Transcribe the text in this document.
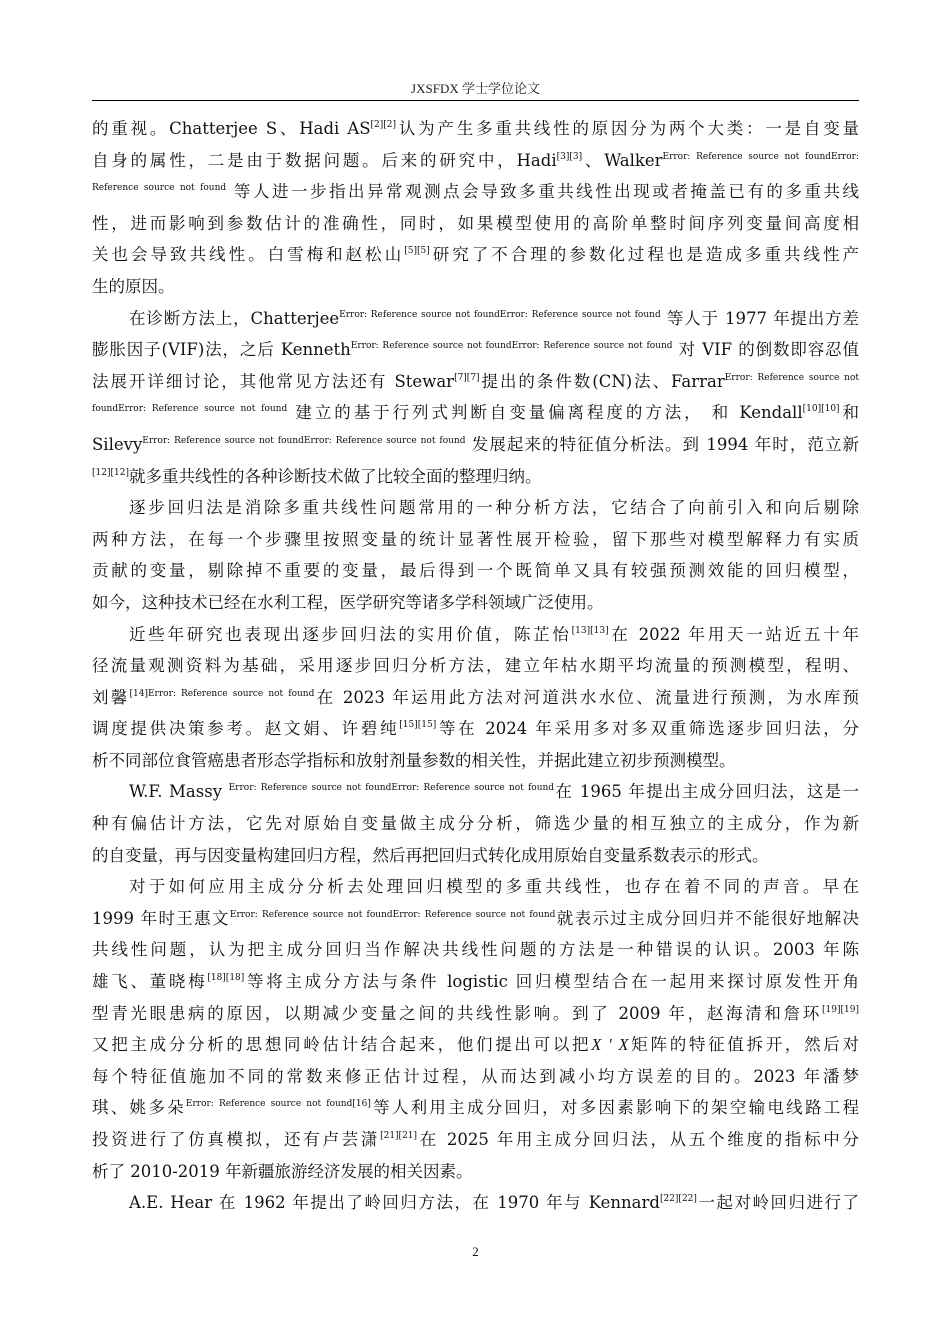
JXSFDX 学士学位论文
的重视。Chatterjee S、Hadi AS[2][2]认为产生多重共线性的原因分为两个大类：一是自变量
自身的属性，二是由于数据问题。后来的研究中，Hadi[3][3]、Walker$^{Error: Reference source not foundError:}$
$^{Reference source not found}$ 等人进一步指出异常观测点会导致多重共线性出现或者掩盖已有的多重共线
性，进而影响到参数估计的准确性，同时，如果模型使用的高阶单整时间序列变量间高度相
关也会导致共线性。白雪梅和赵松山[5][5]研究了不合理的参数化过程也是造成多重共线性产
生的原因。
在诊断方法上，Chatterjee$^{Error: Reference source not foundError: Reference source not found}$ 等人于 1977 年提出方差
膨胀因子(VIF)法，之后 Kenneth$^{Error: Reference source not foundError: Reference source not found}$ 对 VIF 的倒数即容忍值
法展开详细讨论，其他常见方法还有 Stewar[7][7]提出的条件数(CN)法、Farrar$^{Error: Reference source not}$
$^{foundError: Reference source not found}$ 建立的基于行列式判断自变量偏离程度的方法， 和 Kendall[10][10]和
Silevy$^{Error: Reference source not foundError: Reference source not found}$ 发展起来的特征值分析法。到 1994 年时，范立新
[12][12]就多重共线性的各种诊断技术做了比较全面的整理归纳。
逐步回归法是消除多重共线性问题常用的一种分析方法，它结合了向前引入和向后剔除
两种方法，在每一个步骤里按照变量的统计显著性展开检验，留下那些对模型解释力有实质
贡献的变量，剔除掉不重要的变量，最后得到一个既简单又具有较强预测效能的回归模型，
如今，这种技术已经在水利工程，医学研究等诸多学科领域广泛使用。
近些年研究也表现出逐步回归法的实用价值，陈芷怡[13][13]在 2022 年用天一站近五十年
径流量观测资料为基础，采用逐步回归分析方法，建立年枯水期平均流量的预测模型，程明、
刘馨$^{[14]Error: Reference source not found}$在 2023 年运用此方法对河道洪水水位、流量进行预测，为水库预
调度提供决策参考。赵文娟、许碧纯[15][15]等在 2024 年采用多对多双重筛选逐步回归法，分
析不同部位食管癌患者形态学指标和放射剂量参数的相关性，并据此建立初步预测模型。
W.F. Massy $^{Error: Reference source not foundError: Reference source not found}$在 1965 年提出主成分回归法，这是一
种有偏估计方法，它先对原始自变量做主成分分析，筛选少量的相互独立的主成分，作为新
的自变量，再与因变量构建回归方程，然后再把回归式转化成用原始自变量系数表示的形式。
对于如何应用主成分分析去处理回归模型的多重共线性，也存在着不同的声音。早在
1999 年时王惠文$^{Error: Reference source not foundError: Reference source not found}$就表示过主成分回归并不能很好地解决
共线性问题，认为把主成分回归当作解决共线性问题的方法是一种错误的认识。2003 年陈
雄飞、董晓梅[18][18]等将主成分方法与条件 logistic 回归模型结合在一起用来探讨原发性开角
型青光眼患病的原因，以期减少变量之间的共线性影响。到了 2009 年，赵海清和詹环[19][19]
又把主成分分析的思想同岭估计结合起来，他们提出可以把X ' X矩阵的特征值拆开，然后对
每个特征值施加不同的常数来修正估计过程，从而达到减小均方误差的目的。2023 年潘梦
琪、姚多朵$^{Error: Reference source not found[16]}$等人利用主成分回归，对多因素影响下的架空输电线路工程
投资进行了仿真模拟，还有卢芸潇[21][21]在 2025 年用主成分回归法，从五个维度的指标中分
析了 2010-2019 年新疆旅游经济发展的相关因素。
A.E. Hear 在 1962 年提出了岭回归方法，在 1970 年与 Kennard[22][22]一起对岭回归进行了
2
